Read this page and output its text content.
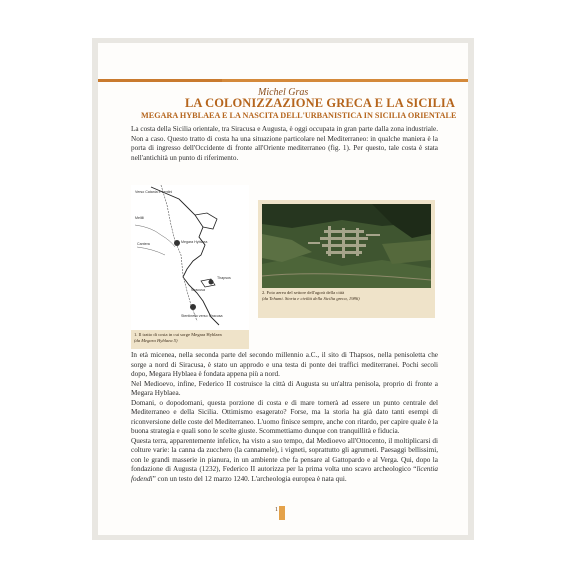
Michel Gras
LA COLONIZZAZIONE GRECA E LA SICILIA
MEGARA HYBLAEA E LA NASCITA DELL'URBANISTICA IN SICILIA ORIENTALE

La costa della Sicilia orientale, tra Siracusa e Augusta, è oggi occupata in gran parte dalla zona industriale. Non a caso. Questo tratto di costa ha una situazione particolare nel Mediterraneo: in qualche maniera è la porta di ingresso dell'Occidente di fronte all'Oriente mediterraneo (fig. 1). Per questo, tale costa è stata nell'antichità un punto di riferimento.

Verso Catania e Lentini
Melilli
Cantera	Megara Hyblaea
Thapsos
Siracusa
Stentinello verso Siracusa
1. Il tratto di costa in cui sorge Megara Hyblaea
(da Megara Hyblaea 5)
2. Foto aerea del settore dell'agorà della città
(da Tehumi. Storia e civiltà della Sicilia greca, 1986)
In età micenea, nella seconda parte del secondo millennio a.C., il sito di Thapsos, nella penisoletta che sorge a nord di Siracusa, è stato un approdo e una testa di ponte dei traffici mediterranei. Pochi secoli dopo, Megara Hyblaea è fondata appena più a nord.
Nel Medioevo, infine, Federico II costruisce la città di Augusta su un'altra penisola, proprio di fronte a Megara Hyblaea.
Domani, o dopodomani, questa porzione di costa e di mare tornerà ad essere un punto centrale del Mediterraneo e della Sicilia. Ottimismo esagerato? Forse, ma la storia ha già dato tanti esempi di riconversione delle coste del Mediterraneo. L'uomo finisce sempre, anche con ritardo, per capire quale è la buona strategia e quali sono le scelte giuste. Scommettiamo dunque con tranquillità e fiducia.
Questa terra, apparentemente infelice, ha visto a suo tempo, dal Medioevo all'Ottocento, il moltiplicarsi di colture varie: la canna da zucchero (la cannamele), i vigneti, soprattutto gli agrumeti. Paesaggi bellissimi, con le grandi masserie in pianura, in un ambiente che fa pensare al Gattopardo e al Verga. Qui, dopo la fondazione di Augusta (1232), Federico II autorizza per la prima volta uno scavo archeologico “licentia fodendi” con un testo del 12 marzo 1240. L'archeologia europea è nata qui.
1
